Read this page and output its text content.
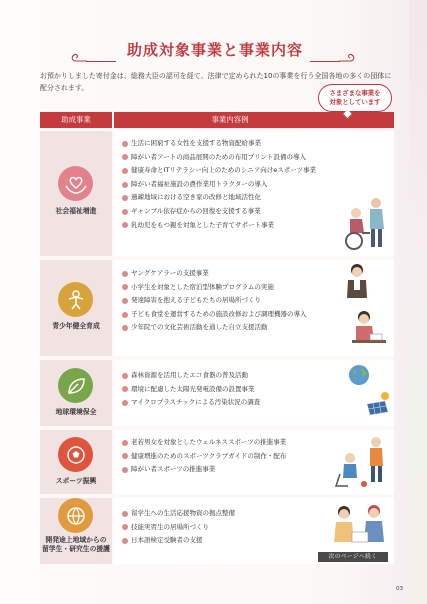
助成対象事業と事業内容

お預かりしました寄付金は、総務大臣の認可を経て、法律で定められた10の事業を行う全国各地の多くの団体に配分されます。

助成事業	事業内容例
社会福祉増進
生活に困窮する女性を支援する物資配給事業
障がい者アートの商品展開のための布用プリント設備の導入
健康寿命とITリテラシー向上のためのシニア向けeスポーツ事業
障がい者福祉施設の農作業用トラクターの導入
過疎地域における空き家の改修と地域活性化
ギャンブル依存症からの回復を支援する事業
乳幼児をもつ親を対象とした子育てサポート事業
青少年健全育成
ヤングケアラーの支援事業
小学生を対象とした宿泊型体験プログラムの実施
発達障害を抱える子どもたちの居場所づくり
子ども食堂を運営するための施設改修および調理機器の導入
少年院での文化芸術活動を通した自立支援活動
地球環境保全
森林資源を活用したエコ食器の普及活動
環境に配慮した太陽光発電設備の設置事業
マイクロプラスチックによる汚染状況の調査
スポーツ振興
老若男女を対象としたウェルネススポーツの推進事業
健康増進のためのスポーツクラブガイドの制作・配布
障がい者スポーツの推進事業
開発途上地域からの
留学生・研究生の援護
留学生への生活応援物資の拠点整備
技能実習生の居場所づくり
日本語検定受験者の支援
さまざまな事業を
対象としています
次のページへ続く
03
